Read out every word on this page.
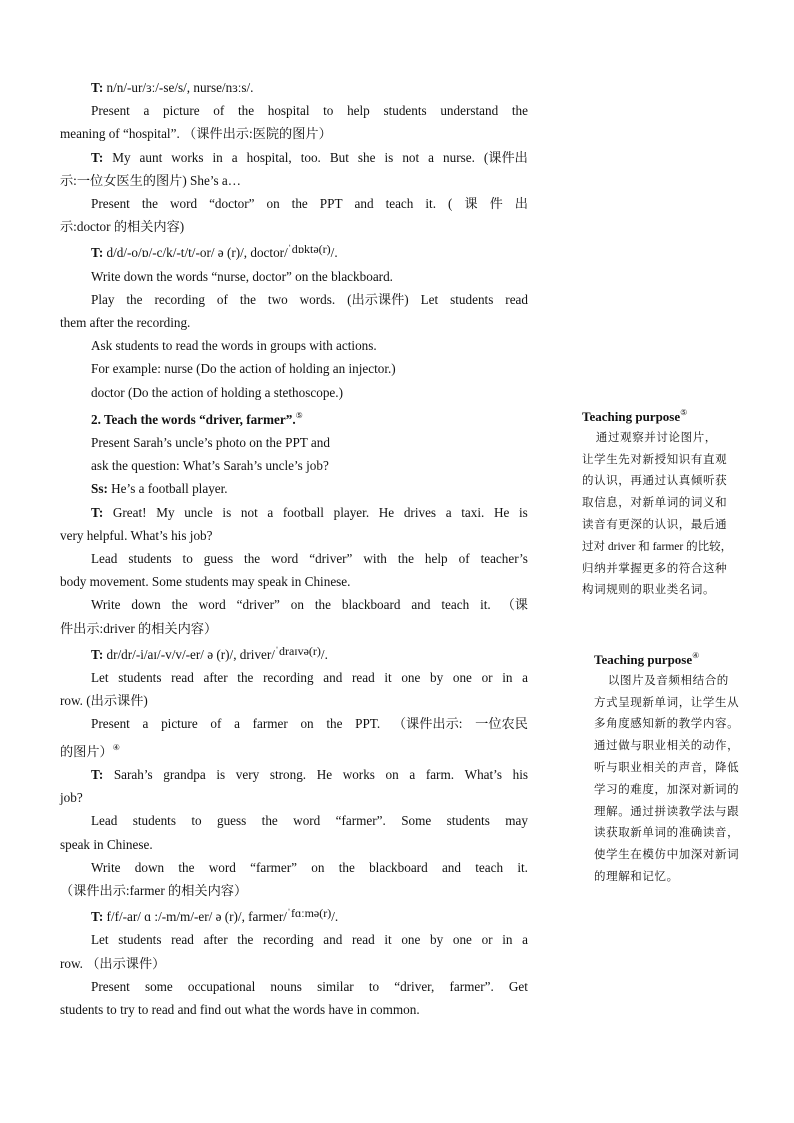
T: n/n/-ur/ɜː/-se/s/, nurse/nɜːs/.
Present a picture of the hospital to help students understand the
meaning of “hospital”. （课件出示:医院的图片）
T: My aunt works in a hospital, too. But she is not a nurse. (课件出
示:一位女医生的图片) She’s a…
Present the word “doctor” on the PPT and teach it. ( 课 件 出
示:doctor 的相关内容)
T: d/d/-o/ɒ/-c/k/-t/t/-or/ ə (r)/, doctor/ˈdɒktə(r)/.
Write down the words “nurse, doctor” on the blackboard.
Play the recording of the two words. (出示课件) Let students read
them after the recording.
Ask students to read the words in groups with actions.
For example: nurse (Do the action of holding an injector.)
doctor (Do the action of holding a stethoscope.)
2. Teach the words “driver, farmer”.⑤
Present Sarah’s uncle’s photo on the PPT and
ask the question: What’s Sarah’s uncle’s job?
Ss: He’s a football player.
T: Great! My uncle is not a football player. He drives a taxi. He is
very helpful. What’s his job?
Lead students to guess the word “driver” with the help of teacher’s
body movement. Some students may speak in Chinese.
Write down the word “driver” on the blackboard and teach it. （课
件出示:driver 的相关内容）
T: dr/dr/-i/aɪ/-v/v/-er/ ə (r)/, driver/ˈdraɪvə(r)/.
Let students read after the recording and read it one by one or in a
row. (出示课件)
Present a picture of a farmer on the PPT. （课件出示: 一位农民
的图片）④
T: Sarah’s grandpa is very strong. He works on a farm. What’s his
job?
Lead students to guess the word “farmer”. Some students may
speak in Chinese.
Write down the word “farmer” on the blackboard and teach it.
（课件出示:farmer 的相关内容）
T: f/f/-ar/ ɑ :/-m/m/-er/ ə (r)/, farmer/ˈfɑːmə(r)/.
Let students read after the recording and read it one by one or in a
row. （出示课件）
Present some occupational nouns similar to “driver, farmer”. Get
students to try to read and find out what the words have in common.
Teaching purpose⑤
通过观察并讨论图片，
让学生先对新授知识有直观
的认识，再通过认真倾听获
取信息，对新单词的词义和
读音有更深的认识，最后通
过对 driver 和 farmer 的比较，
归纳并掌握更多的符合这种
构词规则的职业类名词。
Teaching purpose④
以图片及音频相结合的
方式呈现新单词，让学生从
多角度感知新的教学内容。
通过做与职业相关的动作，
听与职业相关的声音，降低
学习的难度，加深对新词的
理解。通过拼读教学法与跟
读获取新单词的准确读音，
使学生在模仿中加深对新词
的理解和记忆。
